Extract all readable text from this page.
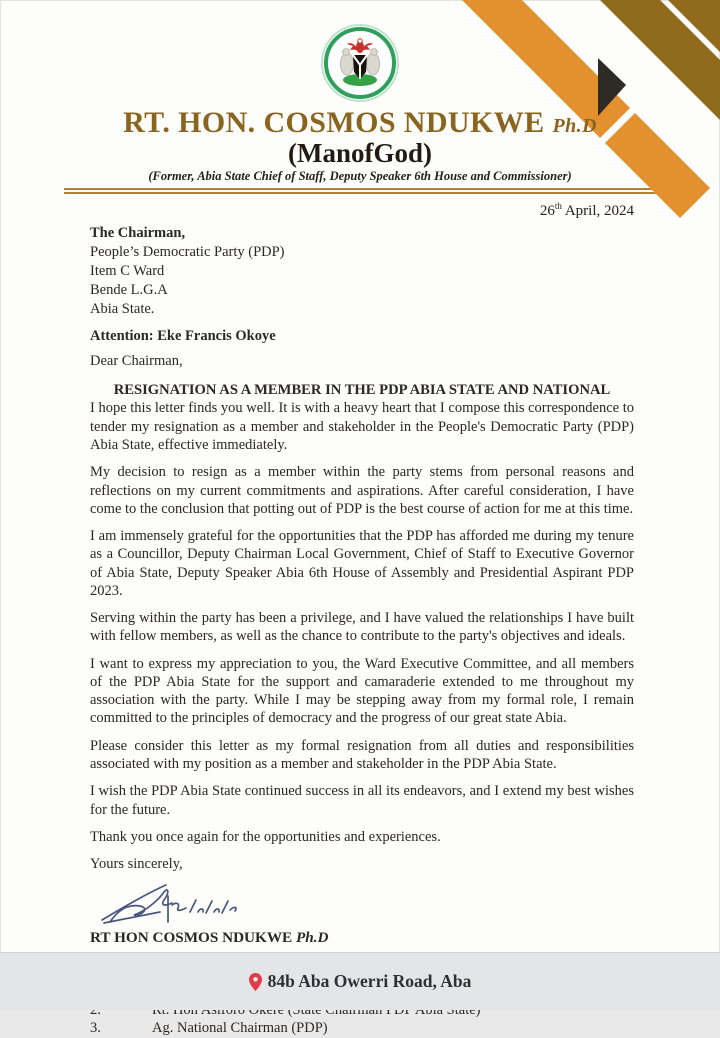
RT. HON. COSMOS NDUKWE Ph.D
(ManofGod)
(Former, Abia State Chief of Staff, Deputy Speaker 6th House and Commissioner)
26th April, 2024

The Chairman,

People’s Democratic Party (PDP)

Item C Ward

Bende L.G.A

Abia State.

Attention: Eke Francis Okoye

Dear Chairman,

RESIGNATION AS A MEMBER IN THE PDP ABIA STATE AND NATIONAL

I hope this letter finds you well. It is with a heavy heart that I compose this correspondence to tender my resignation as a member and stakeholder in the People's Democratic Party (PDP) Abia State, effective immediately.

My decision to resign as a member within the party stems from personal reasons and reflections on my current commitments and aspirations. After careful consideration, I have come to the conclusion that potting out of PDP is the best course of action for me at this time.

I am immensely grateful for the opportunities that the PDP has afforded me during my tenure as a Councillor, Deputy Chairman Local Government, Chief of Staff to Executive Governor of Abia State, Deputy Speaker Abia 6th House of Assembly and Presidential Aspirant PDP 2023.

Serving within the party has been a privilege, and I have valued the relationships I have built with fellow members, as well as the chance to contribute to the party's objectives and ideals.

I want to express my appreciation to you, the Ward Executive Committee, and all members of the PDP Abia State for the support and camaraderie extended to me throughout my association with the party. While I may be stepping away from my formal role, I remain committed to the principles of democracy and the progress of our great state Abia.

Please consider this letter as my formal resignation from all duties and responsibilities associated with my position as a member and stakeholder in the PDP Abia State.

I wish the PDP Abia State continued success in all its endeavors, and I extend my best wishes for the future.

Thank you once again for the opportunities and experiences.

Yours sincerely,

RT HON COSMOS NDUKWE Ph.D
3.	Ag. National Chairman (PDP)
84b Aba Owerri Road, Aba
